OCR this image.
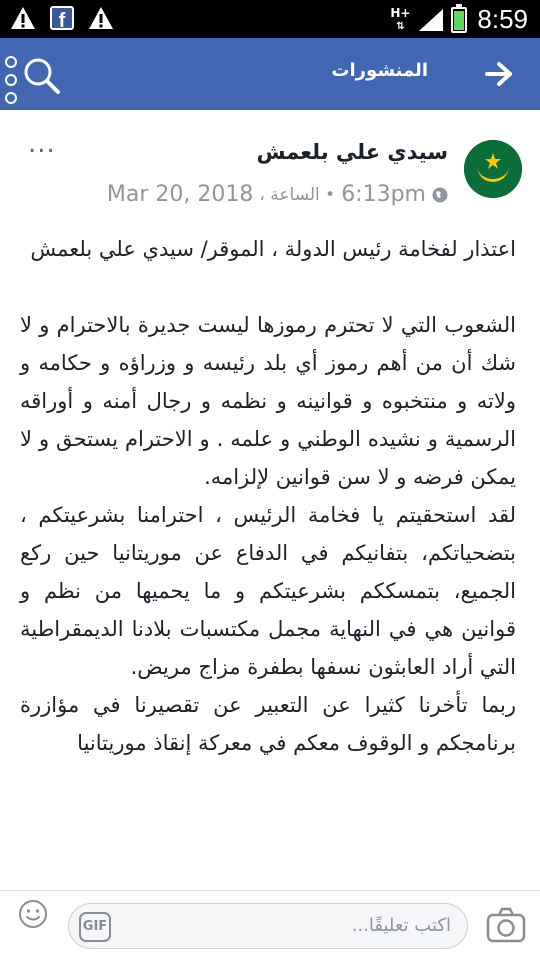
f	H+
⇅	8:59
المنشورات
...	سيدي علي بلعمش
6:13pm
• الساعة ،
Mar 20, 2018

اعتذار لفخامة رئيس الدولة ، الموقر/ سيدي علي بلعمش

الشعوب التي لا تحترم رموزها ليست جديرة بالاحترام و لا شك أن من أهم رموز أي بلد رئيسه و وزراؤه و حكامه و ولاته و منتخبوه و قوانينه و نظمه و رجال أمنه و أوراقه الرسمية و نشيده الوطني و علمه . و الاحترام يستحق و لا يمكن فرضه و لا سن قوانين لإلزامه.

لقد استحقيتم يا فخامة الرئيس ، احترامنا بشرعيتكم ، بتضحياتكم، بتفانيكم في الدفاع عن موريتانيا حين ركع الجميع، بتمسككم بشرعيتكم و ما يحميها من نظم و قوانين هي في النهاية مجمل مكتسبات بلادنا الديمقراطية التي أراد العابثون نسفها بطفرة مزاج مريض.

ربما تأخرنا كثيرا عن التعبير عن تقصيرنا في مؤازرة برنامجكم و الوقوف معكم في معركة إنقاذ موريتانيا

GIF	اكتب تعليقًا...
